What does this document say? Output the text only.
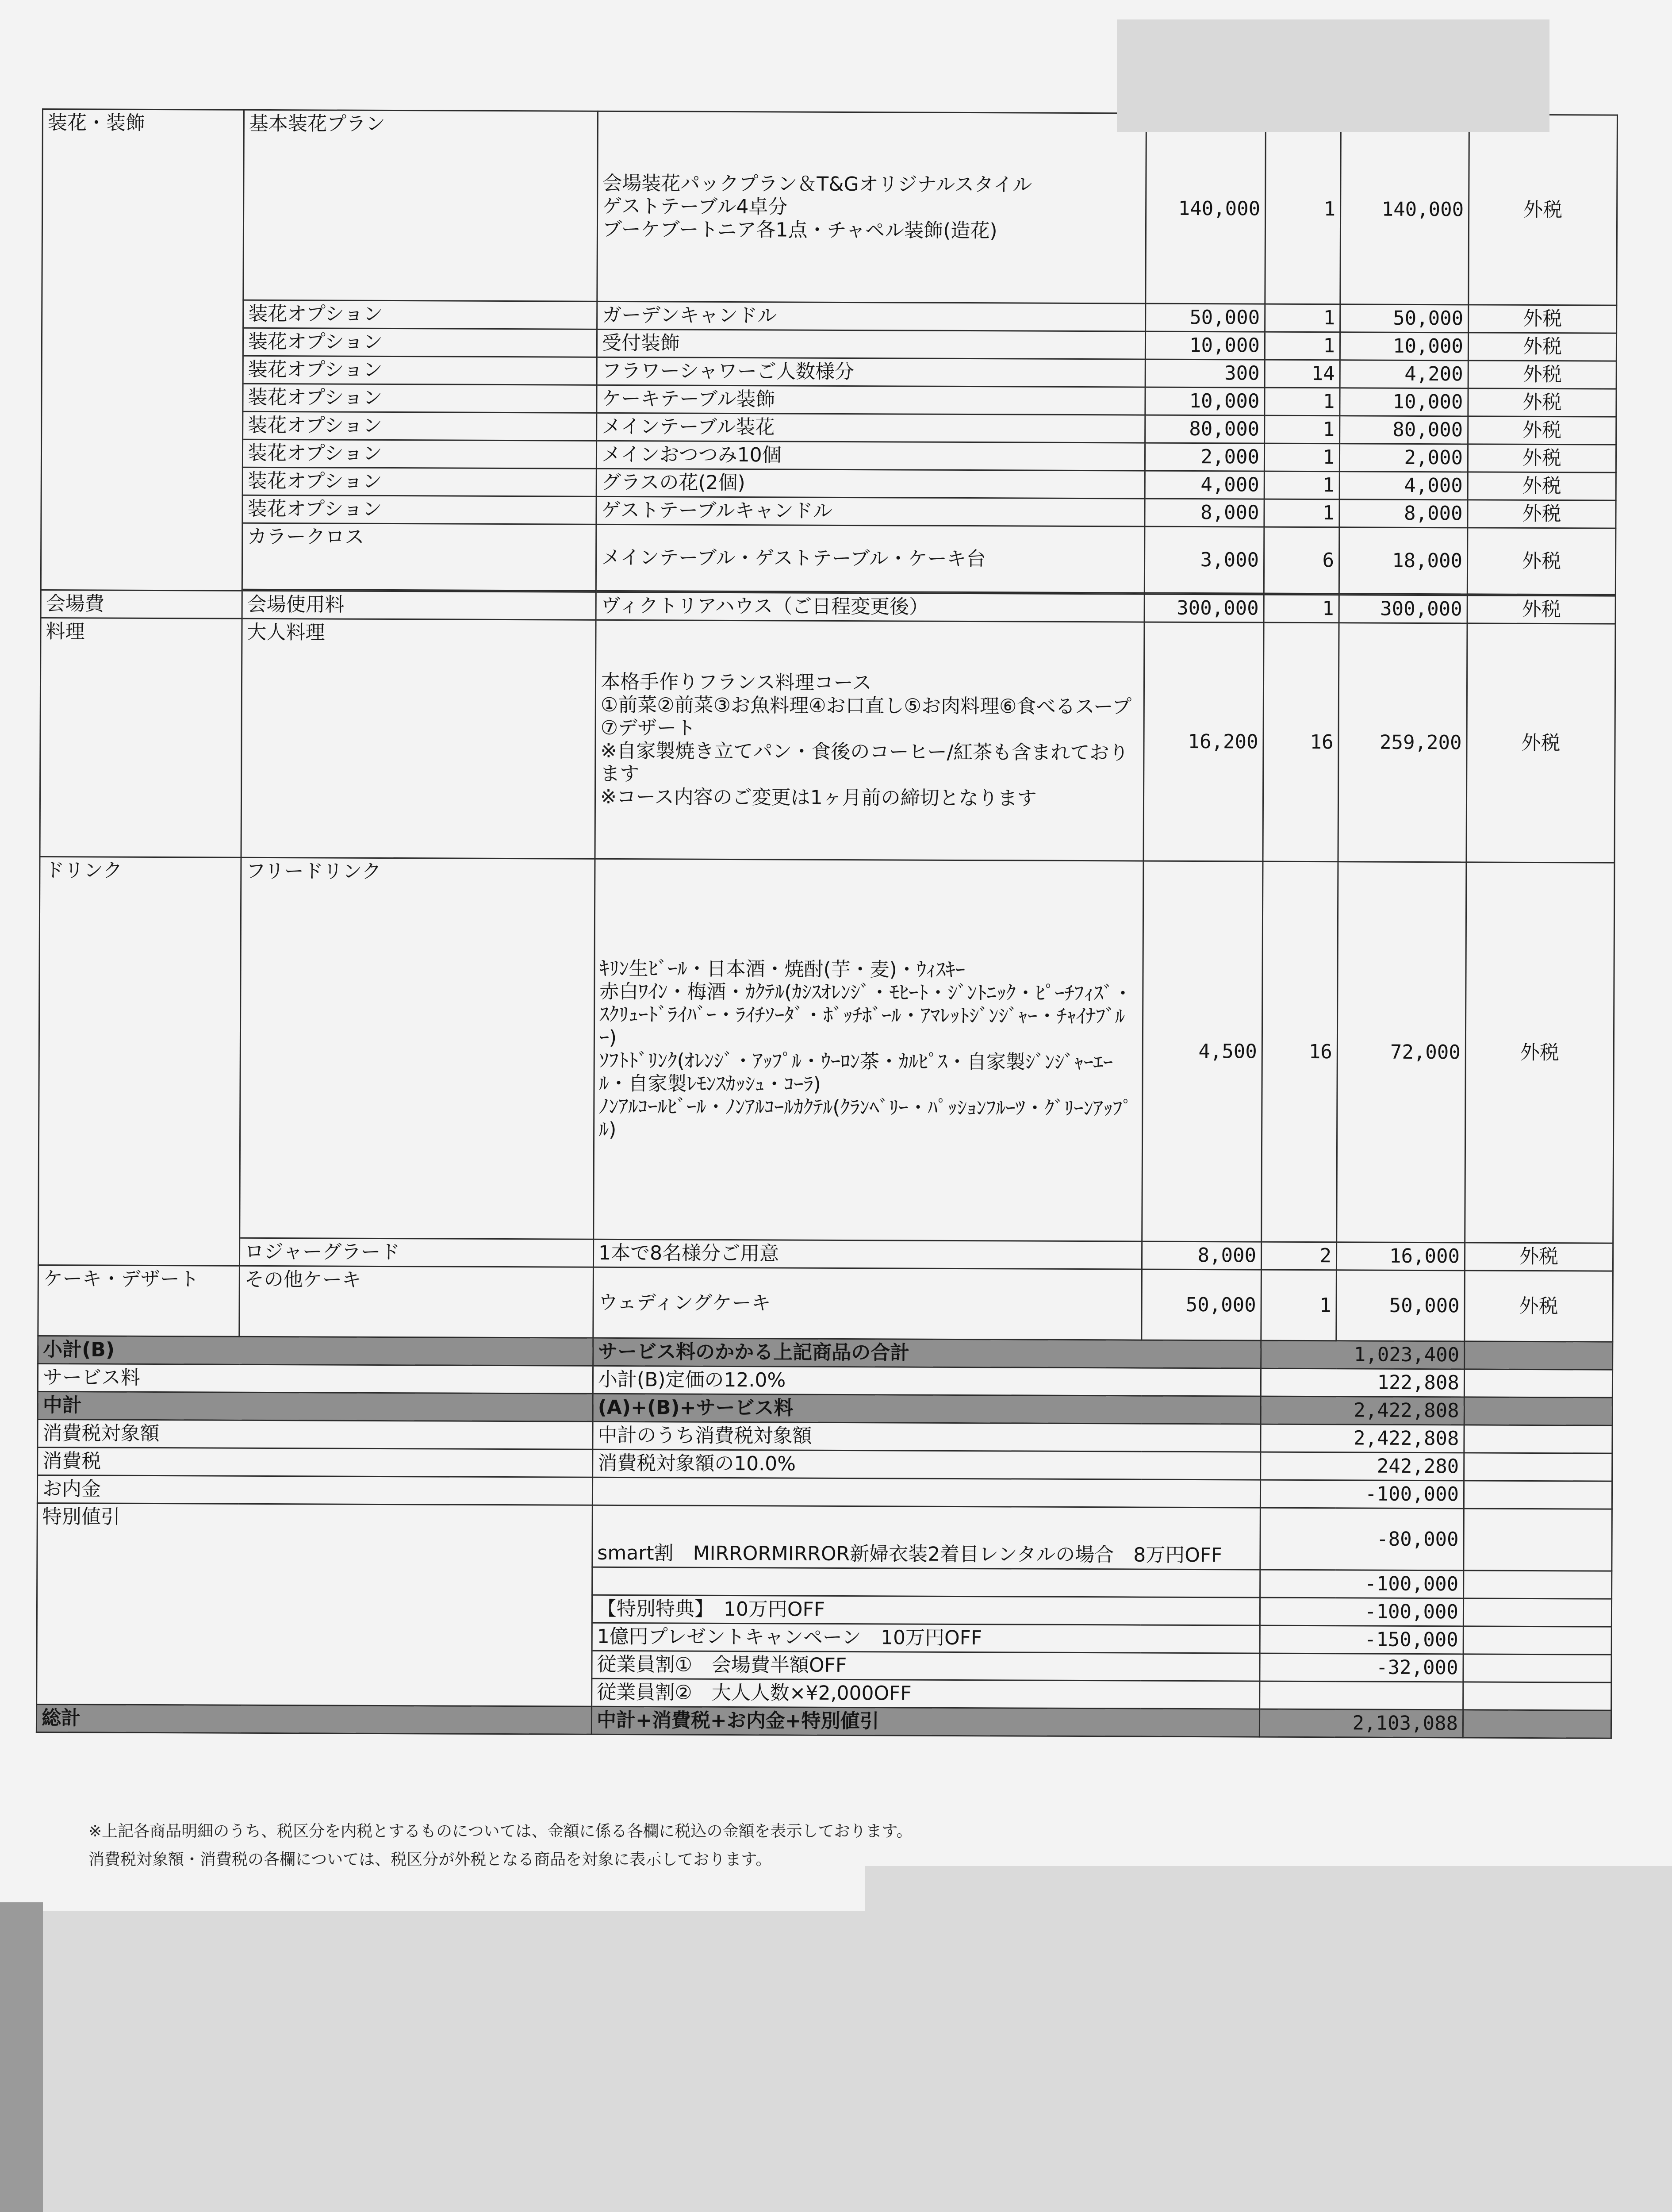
装花・装飾	基本装花プラン	会場装花パックプラン＆T&Gオリジナルスタイル
ゲストテーブル4卓分
ブーケブートニア各1点・チャペル装飾(造花)	140,000	1	140,000	外税
	装花オプション	ガーデンキャンドル	50,000	1	50,000	外税
	装花オプション	受付装飾	10,000	1	10,000	外税
	装花オプション	フラワーシャワーご人数様分	300	14	4,200	外税
	装花オプション	ケーキテーブル装飾	10,000	1	10,000	外税
	装花オプション	メインテーブル装花	80,000	1	80,000	外税
	装花オプション	メインおつつみ10個	2,000	1	2,000	外税
	装花オプション	グラスの花(2個)	4,000	1	4,000	外税
	装花オプション	ゲストテーブルキャンドル	8,000	1	8,000	外税
	カラークロス	メインテーブル・ゲストテーブル・ケーキ台	3,000	6	18,000	外税

会場費	会場使用料	ヴィクトリアハウス（ご日程変更後）	300,000	1	300,000	外税
料理	大人料理	本格手作りフランス料理コース
①前菜②前菜③お魚料理④お口直し⑤お肉料理⑥食べるスープ⑦デザート
※自家製焼き立てパン・食後のコーヒー/紅茶も含まれております
※コース内容のご変更は1ヶ月前の締切となります	16,200	16	259,200	外税
ドリンク	フリードリンク	ｷﾘﾝ生ﾋﾞｰﾙ・日本酒・焼酎(芋・麦)・ｳｨｽｷｰ
赤白ﾜｲﾝ・梅酒・ｶｸﾃﾙ(ｶｼｽｵﾚﾝｼﾞ・ﾓﾋｰﾄ・ｼﾞﾝﾄﾆｯｸ・ﾋﾟｰﾁﾌｨｽﾞ・ｽｸﾘｭｰﾄﾞﾗｲﾊﾞｰ・ﾗｲﾁｿｰﾀﾞ・ﾎﾞｯﾁﾎﾞｰﾙ・ｱﾏﾚｯﾄｼﾞﾝｼﾞｬｰ・ﾁｬｲﾅﾌﾞﾙｰ)
ｿﾌﾄﾄﾞﾘﾝｸ(ｵﾚﾝｼﾞ・ｱｯﾌﾟﾙ・ｳｰﾛﾝ茶・ｶﾙﾋﾟｽ・自家製ｼﾞﾝｼﾞｬｰｴｰﾙ・自家製ﾚﾓﾝｽｶｯｼｭ・ｺｰﾗ)
ﾉﾝｱﾙｺｰﾙﾋﾞｰﾙ・ﾉﾝｱﾙｺｰﾙｶｸﾃﾙ(ｸﾗﾝﾍﾞﾘｰ・ﾊﾟｯｼｮﾝﾌﾙｰﾂ・ｸﾞﾘｰﾝｱｯﾌﾟﾙ)	4,500	16	72,000	外税
	ロジャーグラード	1本で8名様分ご用意	8,000	2	16,000	外税
ケーキ・デザート	その他ケーキ	ウェディングケーキ	50,000	1	50,000	外税
小計(B)		サービス料のかかる上記商品の合計		1,023,400		
サービス料		小計(B)定価の12.0%		122,808		
中計		(A)+(B)+サービス料		2,422,808		
消費税対象額		中計のうち消費税対象額		2,422,808		
消費税		消費税対象額の10.0%		242,280		
お内金				-100,000		
特別値引		smart割　MIRRORMIRROR新婦衣装2着目レンタルの場合　8万円OFF		-80,000		
				-100,000		
		【特別特典】　10万円OFF		-100,000		
		1億円プレゼントキャンペーン　10万円OFF		-150,000		
		従業員割①　会場費半額OFF		-32,000		
		従業員割②　大人人数×¥2,000OFF				
総計		中計+消費税+お内金+特別値引		2,103,088		
※上記各商品明細のうち、税区分を内税とするものについては、金額に係る各欄に税込の金額を表示しております。
消費税対象額・消費税の各欄については、税区分が外税となる商品を対象に表示しております。
